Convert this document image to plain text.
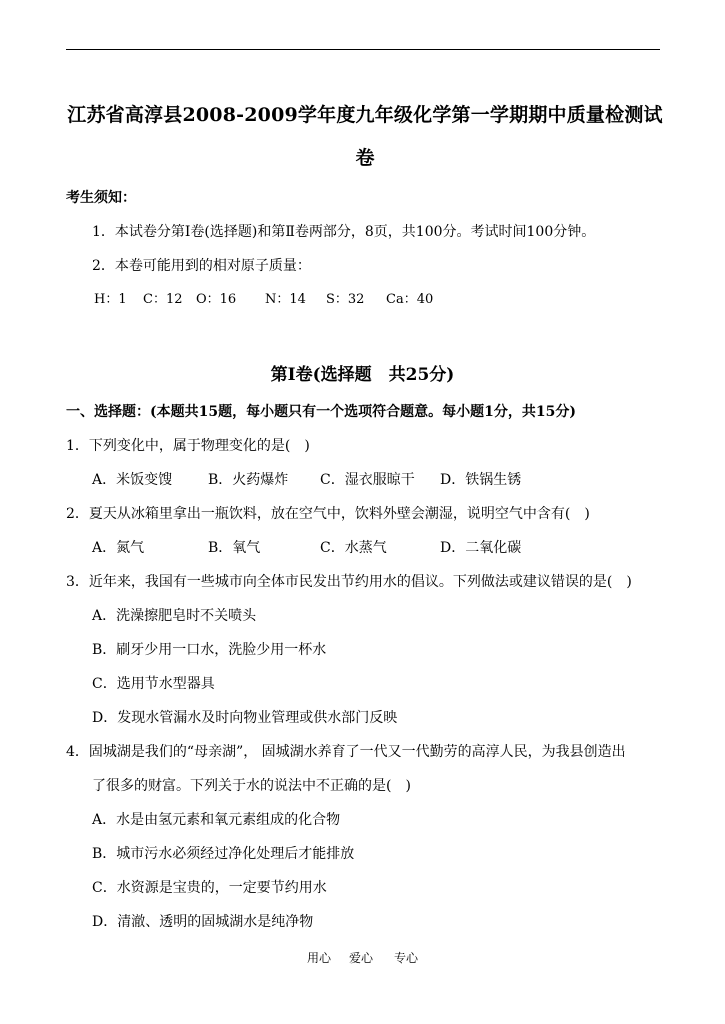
江苏省高淳县2008-2009学年度九年级化学第一学期期中质量检测试
卷
考生须知：
1．本试卷分第Ⅰ卷(选择题)和第Ⅱ卷两部分，8页，共100分。考试时间100分钟。
2．本卷可能用到的相对原子质量：
H：1 C：12 O：16 N：14 S：32 Ca：40
第Ⅰ卷(选择题　共25分)
一、选择题：(本题共15题，每小题只有一个选项符合题意。每小题1分，共15分)
1．下列变化中，属于物理变化的是(　)
A．米饭变馊	B．火药爆炸 C．湿衣服晾干 D．铁锅生锈
2．夏天从冰箱里拿出一瓶饮料，放在空气中，饮料外壁会潮湿，说明空气中含有(　)
A．氮气	B．氧气	C．水蒸气	D．二氧化碳
3．近年来，我国有一些城市向全体市民发出节约用水的倡议。下列做法或建议错误的是(　)
A．洗澡擦肥皂时不关喷头
B．刷牙少用一口水，洗脸少用一杯水
C．选用节水型器具
D．发现水管漏水及时向物业管理或供水部门反映
4．固城湖是我们的“母亲湖”， 固城湖水养育了一代又一代勤劳的高淳人民，为我县创造出
了很多的财富。下列关于水的说法中不正确的是(　)
A．水是由氢元素和氧元素组成的化合物
B．城市污水必须经过净化处理后才能排放
C．水资源是宝贵的，一定要节约用水
D．清澈、透明的固城湖水是纯净物
用心 爱心 专心
